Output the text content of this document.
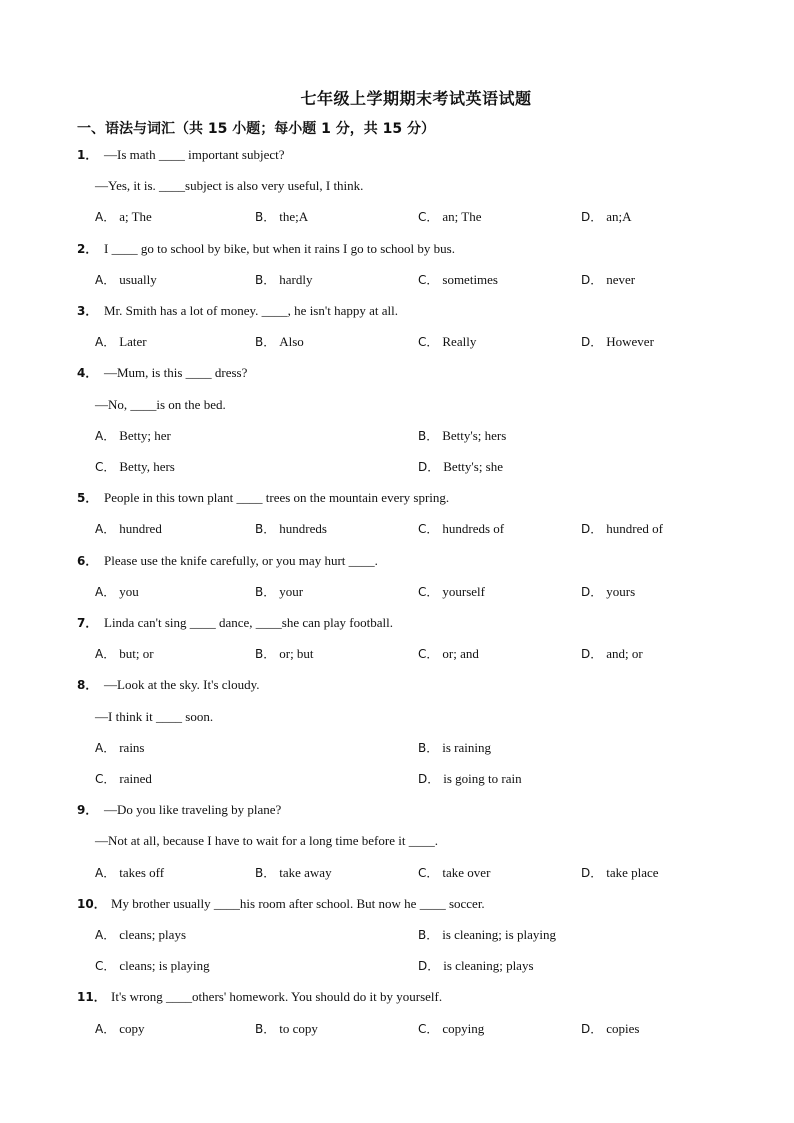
七年级上学期期末考试英语试题
一、语法与词汇（共 15 小题；每小题 1 分，共 15 分）
1． —Is math ____ important subject?
—Yes, it is. ____subject is also very useful, I think.
A． a; The	B． the;A	C． an; The	D． an;A
2． I ____ go to school by bike, but when it rains I go to school by bus.
A． usually	B． hardly	C． sometimes	D． never
3． Mr. Smith has a lot of money. ____, he isn't happy at all.
A． Later	B． Also	C． Really	D． However
4． —Mum, is this ____ dress?
—No, ____is on the bed.
A． Betty; her	B． Betty's; hers
C． Betty, hers	D． Betty's; she
5． People in this town plant ____ trees on the mountain every spring.
A． hundred	B． hundreds	C． hundreds of	D． hundred of
6． Please use the knife carefully, or you may hurt ____.
A． you	B． your	C． yourself	D． yours
7． Linda can't sing ____ dance, ____she can play football.
A． but; or	B． or; but	C． or; and	D． and; or
8． —Look at the sky. It's cloudy.
—I think it ____ soon.
A． rains	B． is raining
C． rained	D． is going to rain
9． —Do you like traveling by plane?
—Not at all, because I have to wait for a long time before it ____.
A． takes off	B． take away	C． take over	D． take place
10． My brother usually ____his room after school. But now he ____ soccer.
A． cleans; plays	B． is cleaning; is playing
C． cleans; is playing	D． is cleaning; plays
11． It's wrong ____others' homework. You should do it by yourself.
A． copy	B． to copy	C． copying	D． copies
